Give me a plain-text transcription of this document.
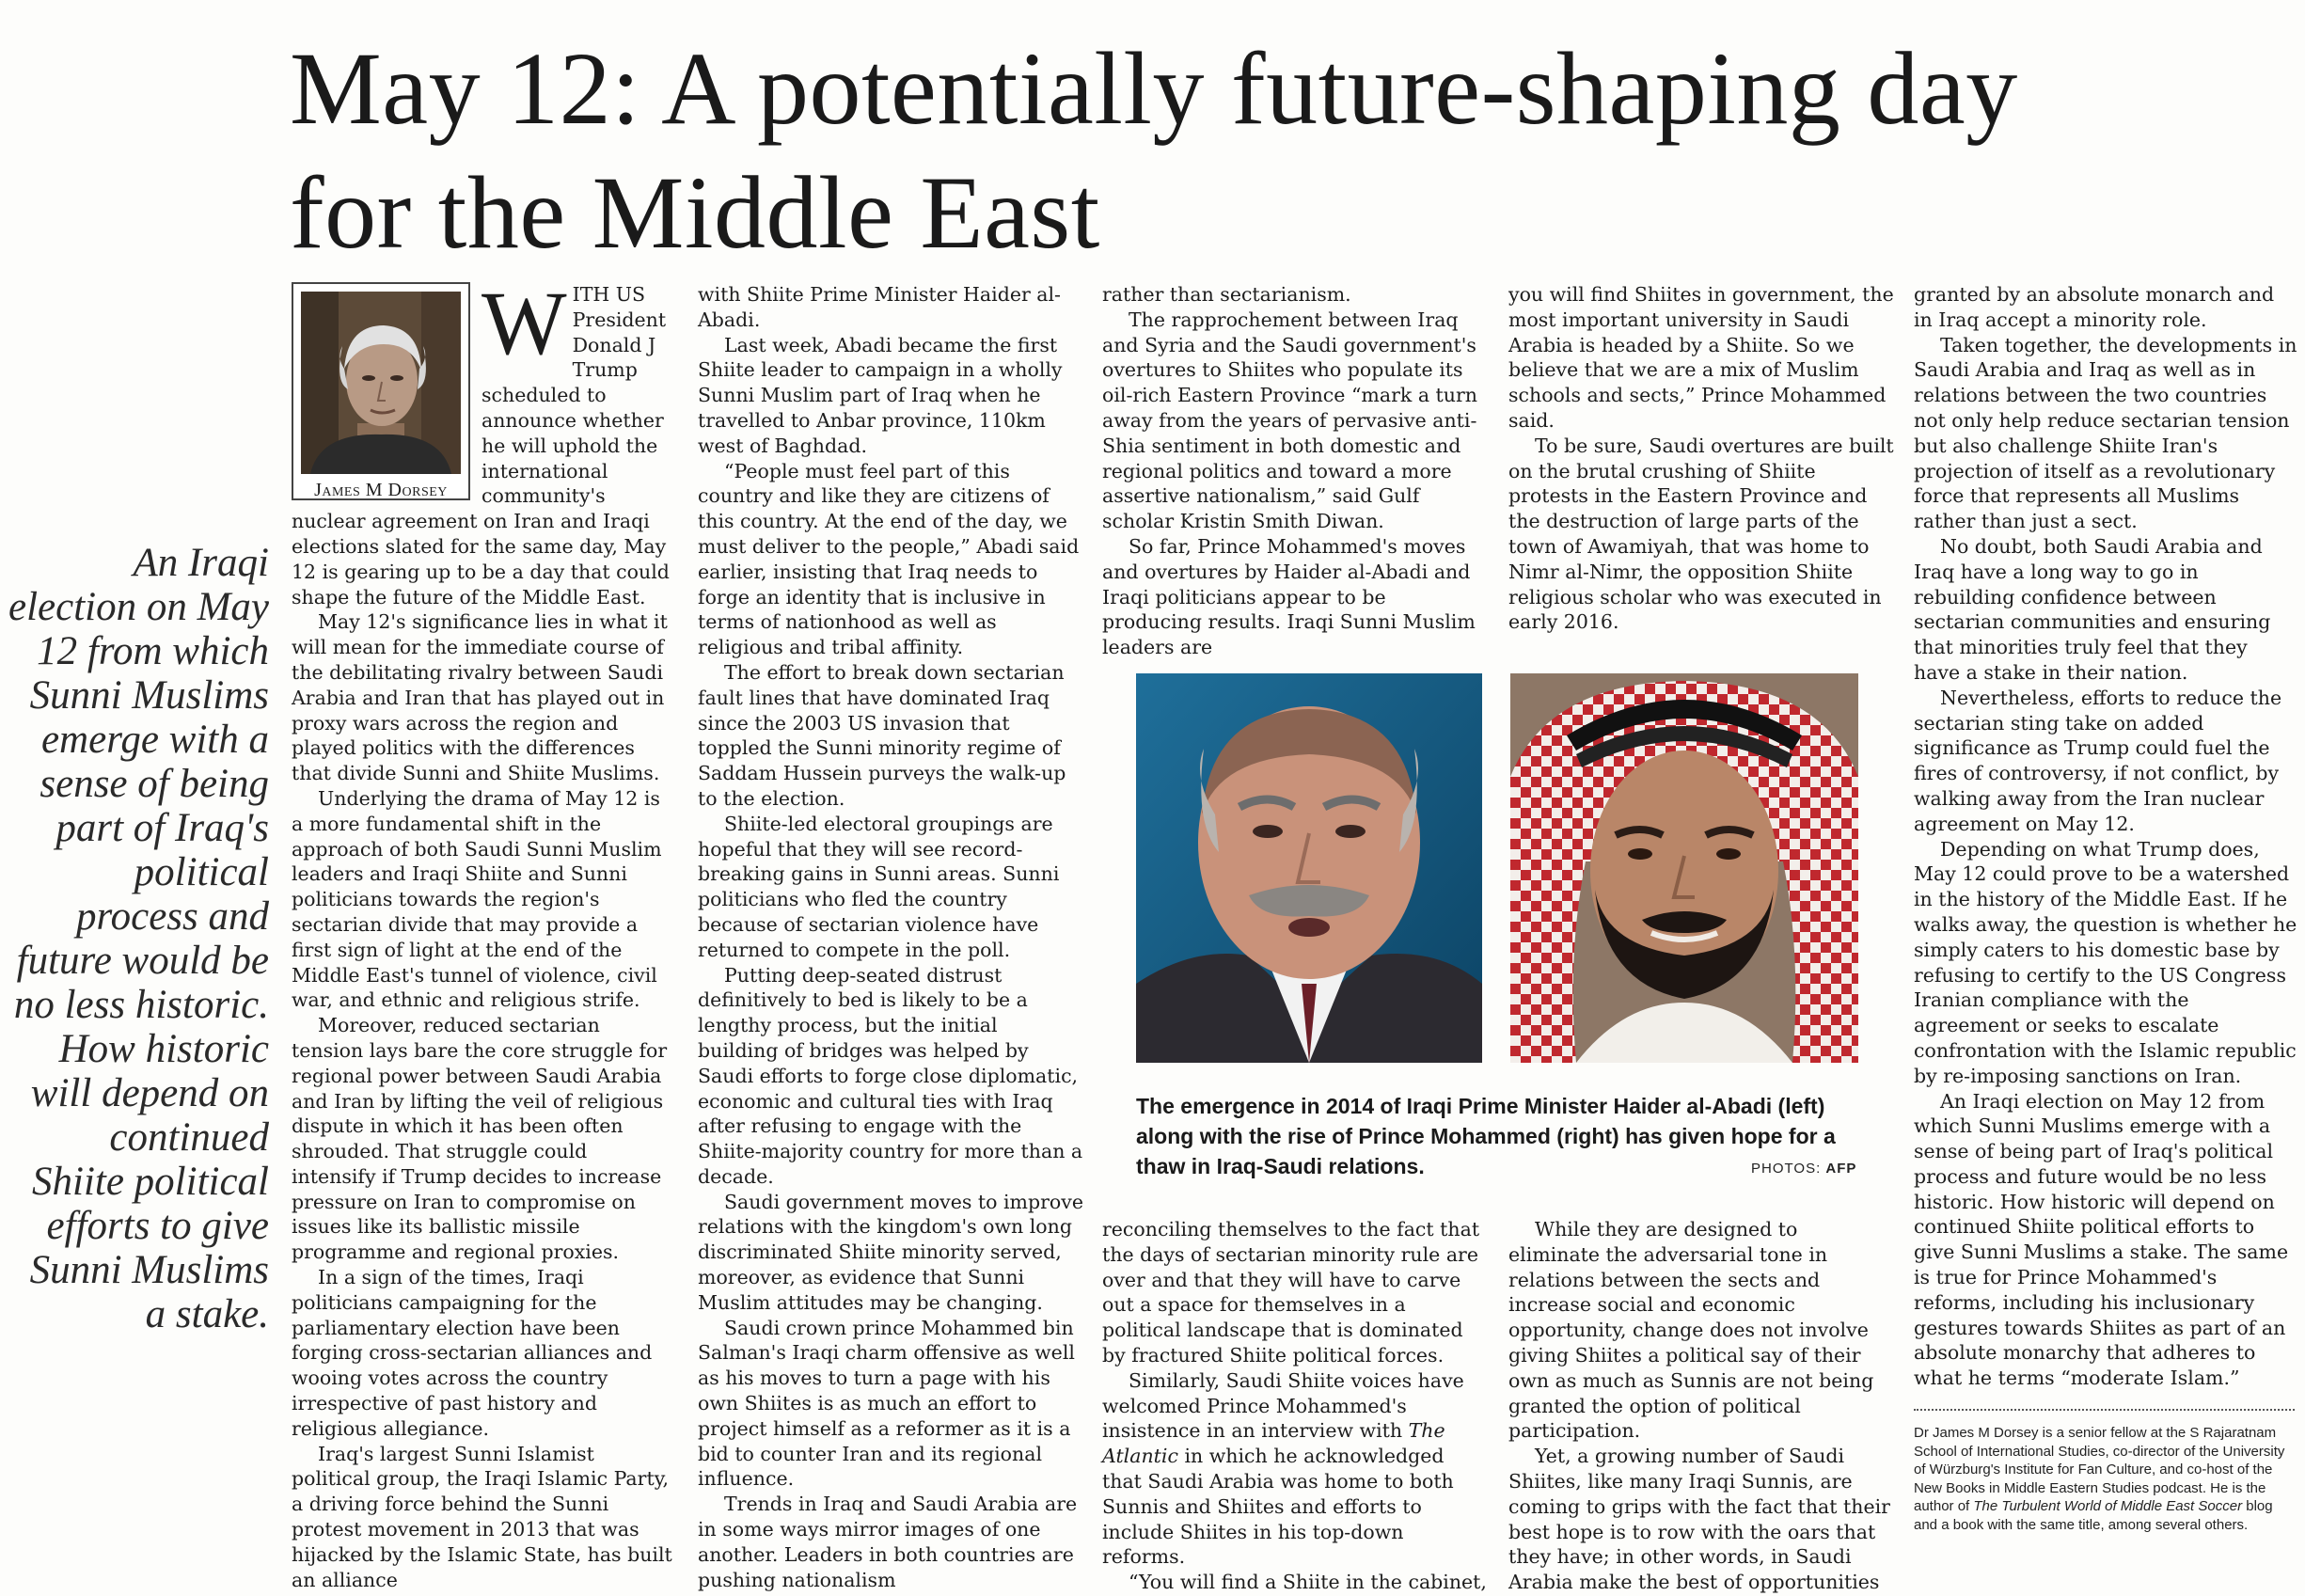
May 12: A potentially future-shaping day for the Middle East

An Iraqi election on May 12 from which Sunni Muslims emerge with a sense of being part of Iraq's political process and future would be no less historic. How historic will depend on continued Shiite political efforts to give Sunni Muslims a stake.

James M Dorsey

WITH US President Donald J Trump scheduled to announce whether he will uphold the international community's nuclear agreement on Iran and Iraqi elections slated for the same day, May 12 is gearing up to be a day that could shape the future of the Middle East.

May 12's significance lies in what it will mean for the immediate course of the debilitating rivalry between Saudi Arabia and Iran that has played out in proxy wars across the region and played politics with the differences that divide Sunni and Shiite Muslims.

Underlying the drama of May 12 is a more fundamental shift in the approach of both Saudi Sunni Muslim leaders and Iraqi Shiite and Sunni politicians towards the region's sectarian divide that may provide a first sign of light at the end of the Middle East's tunnel of violence, civil war, and ethnic and religious strife.

Moreover, reduced sectarian tension lays bare the core struggle for regional power between Saudi Arabia and Iran by lifting the veil of religious dispute in which it has been often shrouded. That struggle could intensify if Trump decides to increase pressure on Iran to compromise on issues like its ballistic missile programme and regional proxies.

In a sign of the times, Iraqi politicians campaigning for the parliamentary election have been forging cross-sectarian alliances and wooing votes across the country irrespective of past history and religious allegiance.

Iraq's largest Sunni Islamist political group, the Iraqi Islamic Party, a driving force behind the Sunni protest movement in 2013 that was hijacked by the Islamic State, has built an alliance

with Shiite Prime Minister Haider al-Abadi.

Last week, Abadi became the first Shiite leader to campaign in a wholly Sunni Muslim part of Iraq when he travelled to Anbar province, 110km west of Baghdad.

“People must feel part of this country and like they are citizens of this country. At the end of the day, we must deliver to the people,” Abadi said earlier, insisting that Iraq needs to forge an identity that is inclusive in terms of nationhood as well as religious and tribal affinity.

The effort to break down sectarian fault lines that have dominated Iraq since the 2003 US invasion that toppled the Sunni minority regime of Saddam Hussein purveys the walk-up to the election.

Shiite-led electoral groupings are hopeful that they will see record-breaking gains in Sunni areas. Sunni politicians who fled the country because of sectarian violence have returned to compete in the poll.

Putting deep-seated distrust definitively to bed is likely to be a lengthy process, but the initial building of bridges was helped by Saudi efforts to forge close diplomatic, economic and cultural ties with Iraq after refusing to engage with the Shiite-majority country for more than a decade.

Saudi government moves to improve relations with the kingdom's own long discriminated Shiite minority served, moreover, as evidence that Sunni Muslim attitudes may be changing.

Saudi crown prince Mohammed bin Salman's Iraqi charm offensive as well as his moves to turn a page with his own Shiites is as much an effort to project himself as a reformer as it is a bid to counter Iran and its regional influence.

Trends in Iraq and Saudi Arabia are in some ways mirror images of one another. Leaders in both countries are pushing nationalism

rather than sectarianism.

The rapprochement between Iraq and Syria and the Saudi government's overtures to Shiites who populate its oil-rich Eastern Province “mark a turn away from the years of pervasive anti-Shia sentiment in both domestic and regional politics and toward a more assertive nationalism,” said Gulf scholar Kristin Smith Diwan.

So far, Prince Mohammed's moves and overtures by Haider al-Abadi and Iraqi politicians appear to be producing results. Iraqi Sunni Muslim leaders are

you will find Shiites in government, the most important university in Saudi Arabia is headed by a Shiite. So we believe that we are a mix of Muslim schools and sects,” Prince Mohammed said.

To be sure, Saudi overtures are built on the brutal crushing of Shiite protests in the Eastern Province and the destruction of large parts of the town of Awamiyah, that was home to Nimr al-Nimr, the opposition Shiite religious scholar who was executed in early 2016.

The emergence in 2014 of Iraqi Prime Minister Haider al-Abadi (left) along with the rise of Prince Mohammed (right) has given hope for a thaw in Iraq-Saudi relations.	PHOTOS: AFP

reconciling themselves to the fact that the days of sectarian minority rule are over and that they will have to carve out a space for themselves in a political landscape that is dominated by fractured Shiite political forces.

Similarly, Saudi Shiite voices have welcomed Prince Mohammed's insistence in an interview with The Atlantic in which he acknowledged that Saudi Arabia was home to both Sunnis and Shiites and efforts to include Shiites in his top-down reforms.

“You will find a Shiite in the cabinet,

While they are designed to eliminate the adversarial tone in relations between the sects and increase social and economic opportunity, change does not involve giving Shiites a political say of their own as much as Sunnis are not being granted the option of political participation.

Yet, a growing number of Saudi Shiites, like many Iraqi Sunnis, are coming to grips with the fact that their best hope is to row with the oars that they have; in other words, in Saudi Arabia make the best of opportunities

granted by an absolute monarch and in Iraq accept a minority role.

Taken together, the developments in Saudi Arabia and Iraq as well as in relations between the two countries not only help reduce sectarian tension but also challenge Shiite Iran's projection of itself as a revolutionary force that represents all Muslims rather than just a sect.

No doubt, both Saudi Arabia and Iraq have a long way to go in rebuilding confidence between sectarian communities and ensuring that minorities truly feel that they have a stake in their nation.

Nevertheless, efforts to reduce the sectarian sting take on added significance as Trump could fuel the fires of controversy, if not conflict, by walking away from the Iran nuclear agreement on May 12.

Depending on what Trump does, May 12 could prove to be a watershed in the history of the Middle East. If he walks away, the question is whether he simply caters to his domestic base by refusing to certify to the US Congress Iranian compliance with the agreement or seeks to escalate confrontation with the Islamic republic by re-imposing sanctions on Iran.

An Iraqi election on May 12 from which Sunni Muslims emerge with a sense of being part of Iraq's political process and future would be no less historic. How historic will depend on continued Shiite political efforts to give Sunni Muslims a stake. The same is true for Prince Mohammed's reforms, including his inclusionary gestures towards Shiites as part of an absolute monarchy that adheres to what he terms “moderate Islam.”

Dr James M Dorsey is a senior fellow at the S Rajaratnam School of International Studies, co-director of the University of Würzburg's Institute for Fan Culture, and co-host of the New Books in Middle Eastern Studies podcast. He is the author of The Turbulent World of Middle East Soccer blog and a book with the same title, among several others.
